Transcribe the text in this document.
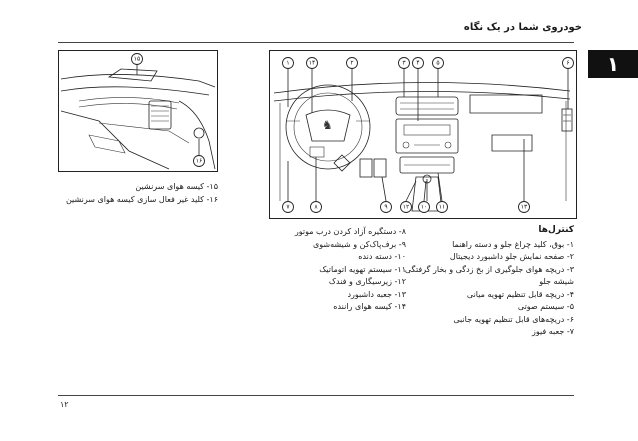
خودروی شما در یک نگاه
۱
۱۵
۱۶
♞
۱	۱۴	۲	۳ ۴	۵	۶
۷	۸	۹	۱۲ ۱۰ ۱۱	۱۳
۱۵- کیسه هوای سرنشین
۱۶- کلید غیر فعال سازی کیسه هوای سرنشین
کنترل‌ها
۱- بوق، کلید چراغ جلو و دسته راهنما
۲- صفحه نمایش جلو داشبورد دیجیتال
۳- دریچه هوای جلوگیری از بخ زدگی و بخار گرفتگی
شیشه جلو
۴- دریچه قابل تنظیم تهویه میانی
۵- سیستم صوتی
۶- دریچه‌های قابل تنظیم تهویه جانبی
۷- جعبه فیوز
۸- دستگیره آزاد کردن درب موتور
۹- برف‌پاک‌کن و شیشه‌شوی
۱۰- دسته دنده
۱۱- سیستم تهویه اتوماتیک
۱۲- زیرسیگاری و فندک
۱۳- جعبه داشبورد
۱۴- کیسه هوای راننده
۱۲
